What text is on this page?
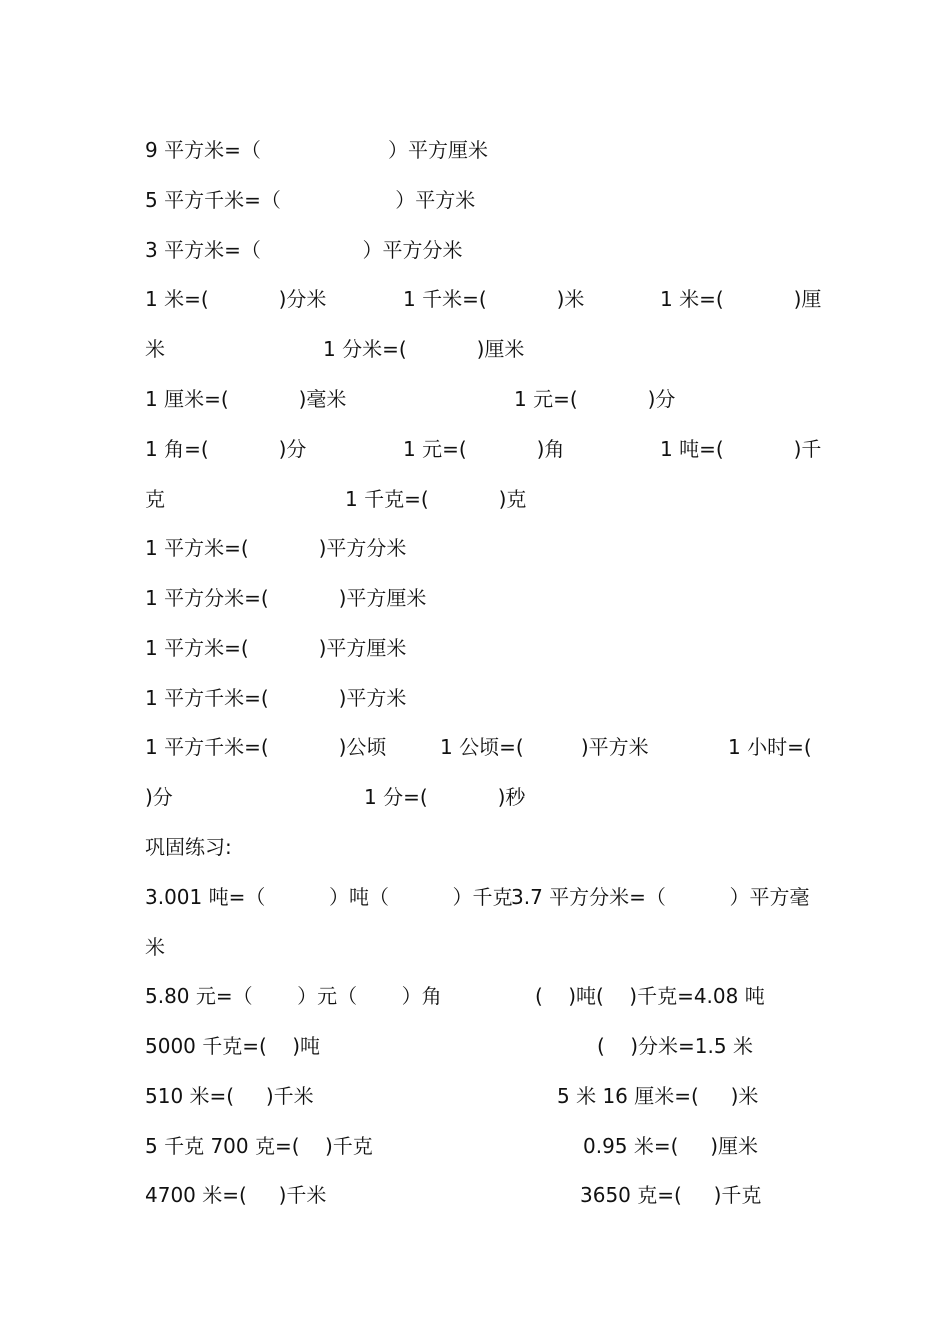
9 平方米=（                    ）平方厘米
5 平方千米=（                  ）平方米
3 平方米=（                ）平方分米
1 米=(           )分米	1 千米=(           )米	1 米=(           )厘
米	1 分米=(           )厘米
1 厘米=(           )毫米	1 元=(           )分
1 角=(           )分	1 元=(           )角	1 吨=(           )千
克	1 千克=(           )克
1 平方米=(           )平方分米
1 平方分米=(           )平方厘米
1 平方米=(           )平方厘米
1 平方千米=(           )平方米
1 平方千米=(           )公顷	1 公顷=(         )平方米	1 小时=(
)分	1 分=(           )秒
巩固练习:
3.001 吨=（          ）吨（          ）千克
3.7 平方分米=（          ）平方毫
米
5.80 元=（       ）元（       ）角	(    )吨(    )千克=4.08 吨
5000 千克=(    )吨	(    )分米=1.5 米
510 米=(     )千米	5 米 16 厘米=(     )米
5 千克 700 克=(    )千克	0.95 米=(     )厘米
4700 米=(     )千米	3650 克=(     )千克
